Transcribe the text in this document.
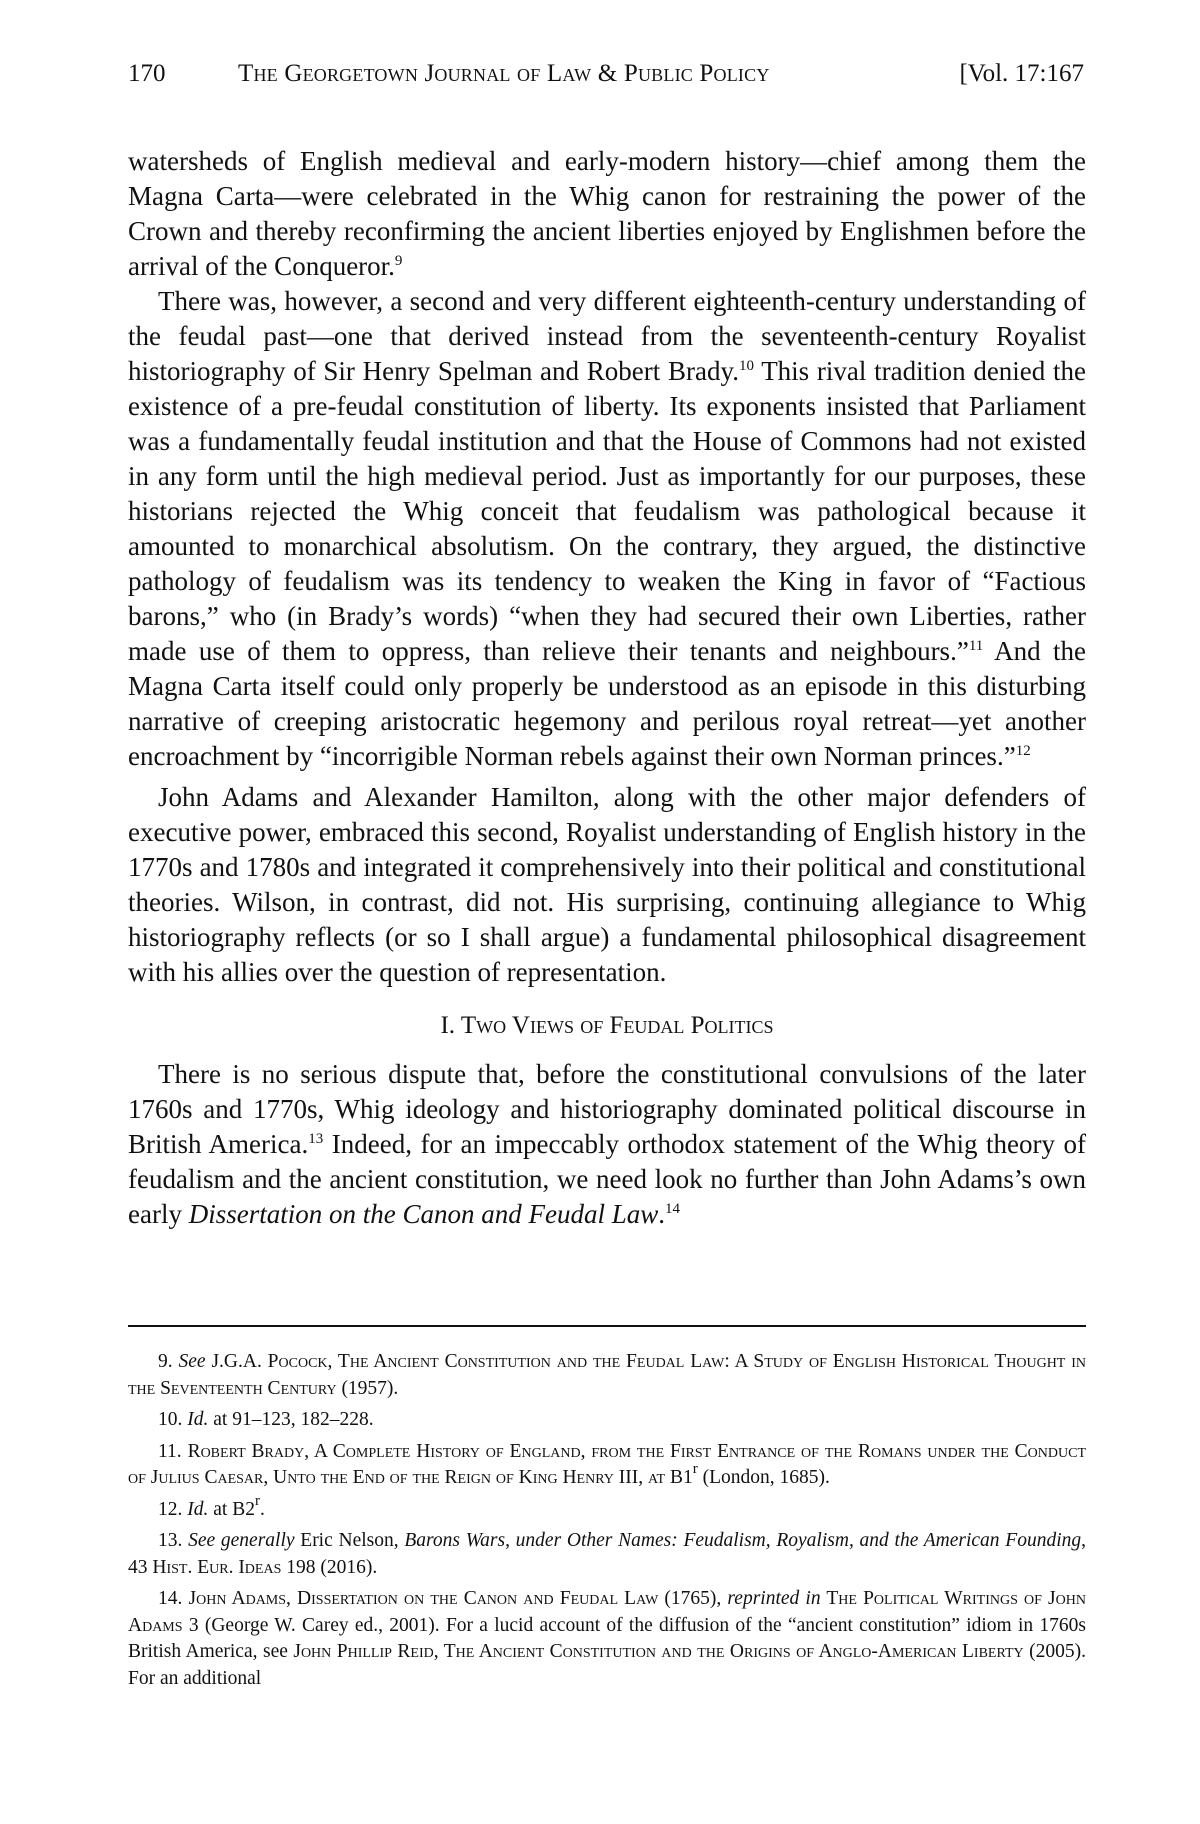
170	The Georgetown Journal of Law & Public Policy	[Vol. 17:167

watersheds of English medieval and early-modern history—chief among them the Magna Carta—were celebrated in the Whig canon for restraining the power of the Crown and thereby reconfirming the ancient liberties enjoyed by Englishmen before the arrival of the Conqueror.$^9$

There was, however, a second and very different eighteenth-century understanding of the feudal past—one that derived instead from the seventeenth-century Royalist historiography of Sir Henry Spelman and Robert Brady.$^{10}$ This rival tradition denied the existence of a pre-feudal constitution of liberty. Its exponents insisted that Parliament was a fundamentally feudal institution and that the House of Commons had not existed in any form until the high medieval period. Just as importantly for our purposes, these historians rejected the Whig conceit that feudalism was pathological because it amounted to monarchical absolutism. On the contrary, they argued, the distinctive pathology of feudalism was its tendency to weaken the King in favor of “Factious barons,” who (in Brady’s words) “when they had secured their own Liberties, rather made use of them to oppress, than relieve their tenants and neighbours.”$^{11}$ And the Magna Carta itself could only properly be understood as an episode in this disturbing narrative of creeping aristocratic hegemony and perilous royal retreat—yet another encroachment by “incorrigible Norman rebels against their own Norman princes.”$^{12}$

John Adams and Alexander Hamilton, along with the other major defenders of executive power, embraced this second, Royalist understanding of English history in the 1770s and 1780s and integrated it comprehensively into their political and constitutional theories. Wilson, in contrast, did not. His surprising, continuing allegiance to Whig historiography reflects (or so I shall argue) a fundamental philosophical disagreement with his allies over the question of representation.

I. Two Views of Feudal Politics

There is no serious dispute that, before the constitutional convulsions of the later 1760s and 1770s, Whig ideology and historiography dominated political discourse in British America.$^{13}$ Indeed, for an impeccably orthodox statement of the Whig theory of feudalism and the ancient constitution, we need look no further than John Adams’s own early Dissertation on the Canon and Feudal Law.$^{14}$

9. See J.G.A. Pocock, The Ancient Constitution and the Feudal Law: A Study of English Historical Thought in the Seventeenth Century (1957).

10. Id. at 91–123, 182–228.

11. Robert Brady, A Complete History of England, from the First Entrance of the Romans under the Conduct of Julius Caesar, Unto the End of the Reign of King Henry III, at B1$^r$ (London, 1685).

12. Id. at B2$^r$.

13. See generally Eric Nelson, Barons Wars, under Other Names: Feudalism, Royalism, and the American Founding, 43 Hist. Eur. Ideas 198 (2016).

14. John Adams, Dissertation on the Canon and Feudal Law (1765), reprinted in The Political Writings of John Adams 3 (George W. Carey ed., 2001). For a lucid account of the diffusion of the “ancient constitution” idiom in 1760s British America, see John Phillip Reid, The Ancient Constitution and the Origins of Anglo-American Liberty (2005). For an additional
